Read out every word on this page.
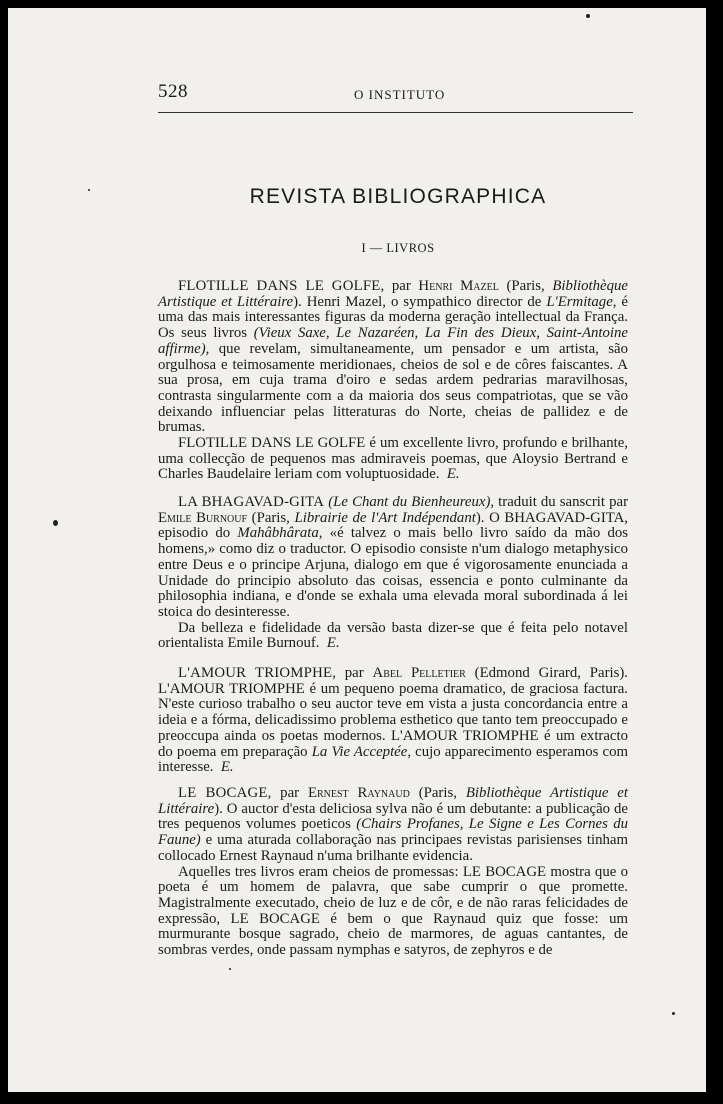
528	O INSTITUTO
REVISTA BIBLIOGRAPHICA
I — LIVROS

FLOTILLE DANS LE GOLFE, par Henri Mazel (Paris, Bibliothèque Artistique et Littéraire). Henri Mazel, o sympathico director de L'Ermitage, é uma das mais interessantes figuras da moderna geração intellectual da França. Os seus livros (Vieux Saxe, Le Nazaréen, La Fin des Dieux, Saint-Antoine affirme), que revelam, simultaneamente, um pensador e um artista, são orgulhosa e teimosamente meridionaes, cheios de sol e de côres faiscantes. A sua prosa, em cuja trama d'oiro e sedas ardem pedrarias maravilhosas, contrasta singularmente com a da maioria dos seus compatriotas, que se vão deixando influenciar pelas litteraturas do Norte, cheias de pallidez e de brumas.

FLOTILLE DANS LE GOLFE é um excellente livro, profundo e brilhante, uma collecção de pequenos mas admiraveis poemas, que Aloysio Bertrand e Charles Baudelaire leriam com voluptuosidade. E.

LA BHAGAVAD-GITA (Le Chant du Bienheureux), traduit du sanscrit par Emile Burnouf (Paris, Librairie de l'Art Indépendant). O BHAGAVAD-GITA, episodio do Mahâbhârata, «é talvez o mais bello livro saído da mão dos homens,» como diz o traductor. O episodio consiste n'um dialogo metaphysico entre Deus e o principe Arjuna, dialogo em que é vigorosamente enunciada a Unidade do principio absoluto das coisas, essencia e ponto culminante da philosophia indiana, e d'onde se exhala uma elevada moral subordinada á lei stoica do desinteresse.

Da belleza e fidelidade da versão basta dizer-se que é feita pelo notavel orientalista Emile Burnouf. E.

L'AMOUR TRIOMPHE, par Abel Pelletier (Edmond Girard, Paris). L'AMOUR TRIOMPHE é um pequeno poema dramatico, de graciosa factura. N'este curioso trabalho o seu auctor teve em vista a justa concordancia entre a ideia e a fórma, delicadissimo problema esthetico que tanto tem preoccupado e preoccupa ainda os poetas modernos. L'AMOUR TRIOMPHE é um extracto do poema em preparação La Vie Acceptée, cujo apparecimento esperamos com interesse. E.

LE BOCAGE, par Ernest Raynaud (Paris, Bibliothèque Artistique et Littéraire). O auctor d'esta deliciosa sylva não é um debutante: a publicação de tres pequenos volumes poeticos (Chairs Profanes, Le Signe e Les Cornes du Faune) e uma aturada collaboração nas principaes revistas parisienses tinham collocado Ernest Raynaud n'uma brilhante evidencia.

Aquelles tres livros eram cheios de promessas: LE BOCAGE mostra que o poeta é um homem de palavra, que sabe cumprir o que promette. Magistralmente executado, cheio de luz e de côr, e de não raras felicidades de expressão, LE BOCAGE é bem o que Raynaud quiz que fosse: um murmurante bosque sagrado, cheio de marmores, de aguas cantantes, de sombras verdes, onde passam nymphas e satyros, de zephyros e de
